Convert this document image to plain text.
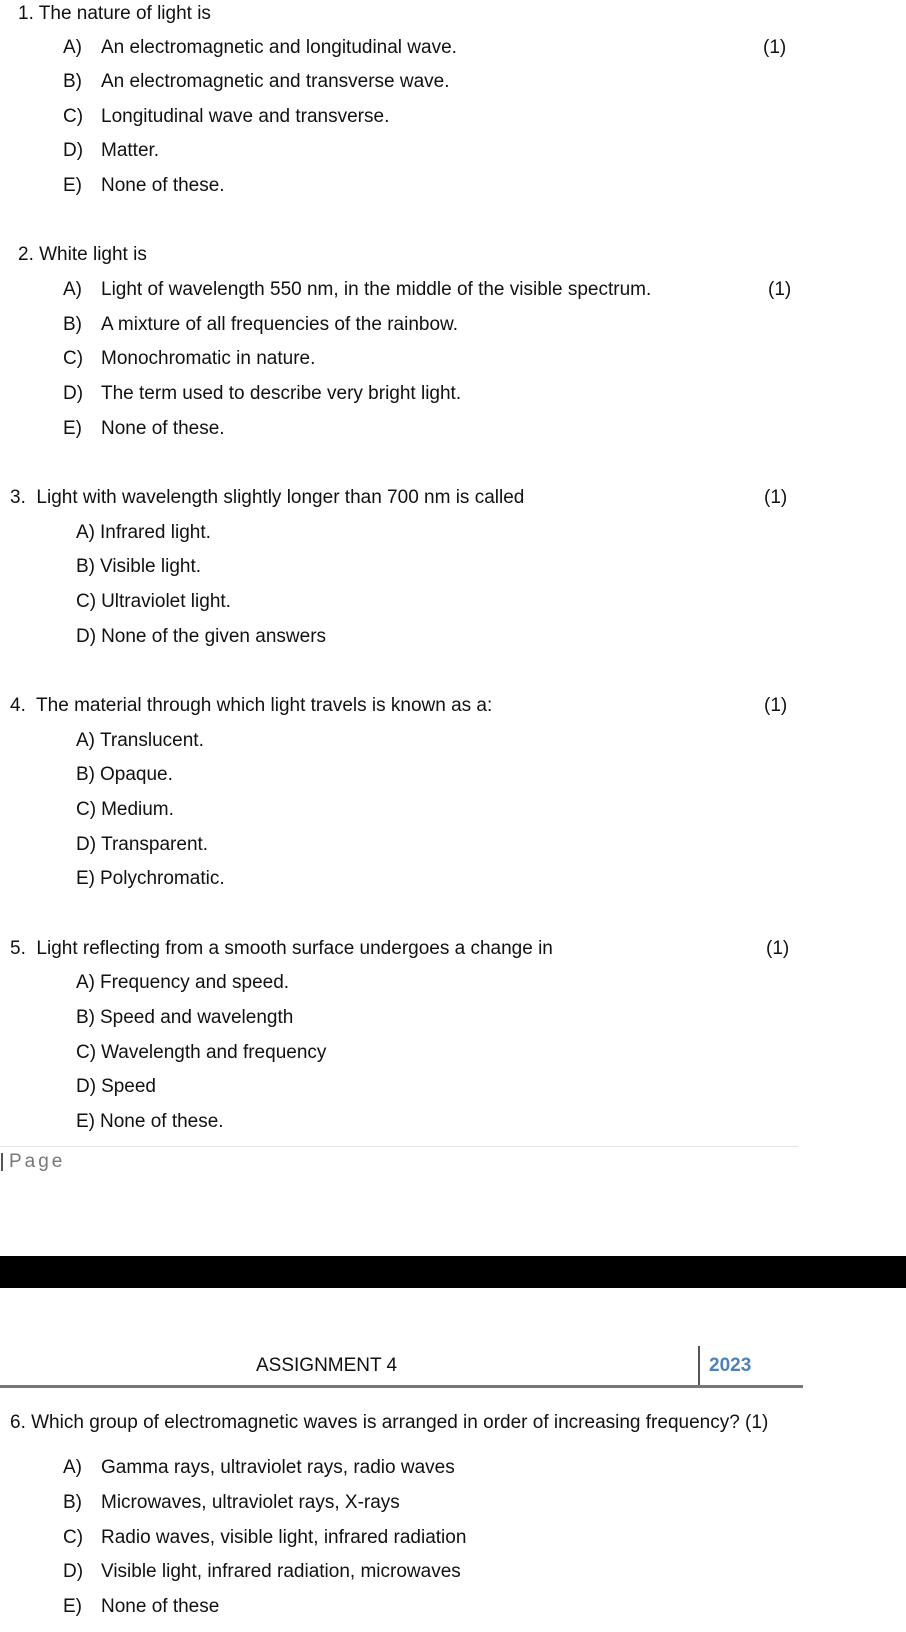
1. The nature of light is
(1)
A) An electromagnetic and longitudinal wave.
B) An electromagnetic and transverse wave.
C) Longitudinal wave and transverse.
D) Matter.
E) None of these.
2. White light is
(1)
A) Light of wavelength 550 nm, in the middle of the visible spectrum.
B) A mixture of all frequencies of the rainbow.
C) Monochromatic in nature.
D) The term used to describe very bright light.
E) None of these.
3.  Light with wavelength slightly longer than 700 nm is called	(1)
A) Infrared light.
B) Visible light.
C) Ultraviolet light.
D) None of the given answers
4.  The material through which light travels is known as a:	(1)
A) Translucent.
B) Opaque.
C) Medium.
D) Transparent.
E) Polychromatic.
5.  Light reflecting from a smooth surface undergoes a change in	(1)
A) Frequency and speed.
B) Speed and wavelength
C) Wavelength and frequency
D) Speed
E) None of these.
Page
ASSIGNMENT 4	2023
6. Which group of electromagnetic waves is arranged in order of increasing frequency? (1)
A) Gamma rays, ultraviolet rays, radio waves
B) Microwaves, ultraviolet rays, X-rays
C) Radio waves, visible light, infrared radiation
D) Visible light, infrared radiation, microwaves
E) None of these
